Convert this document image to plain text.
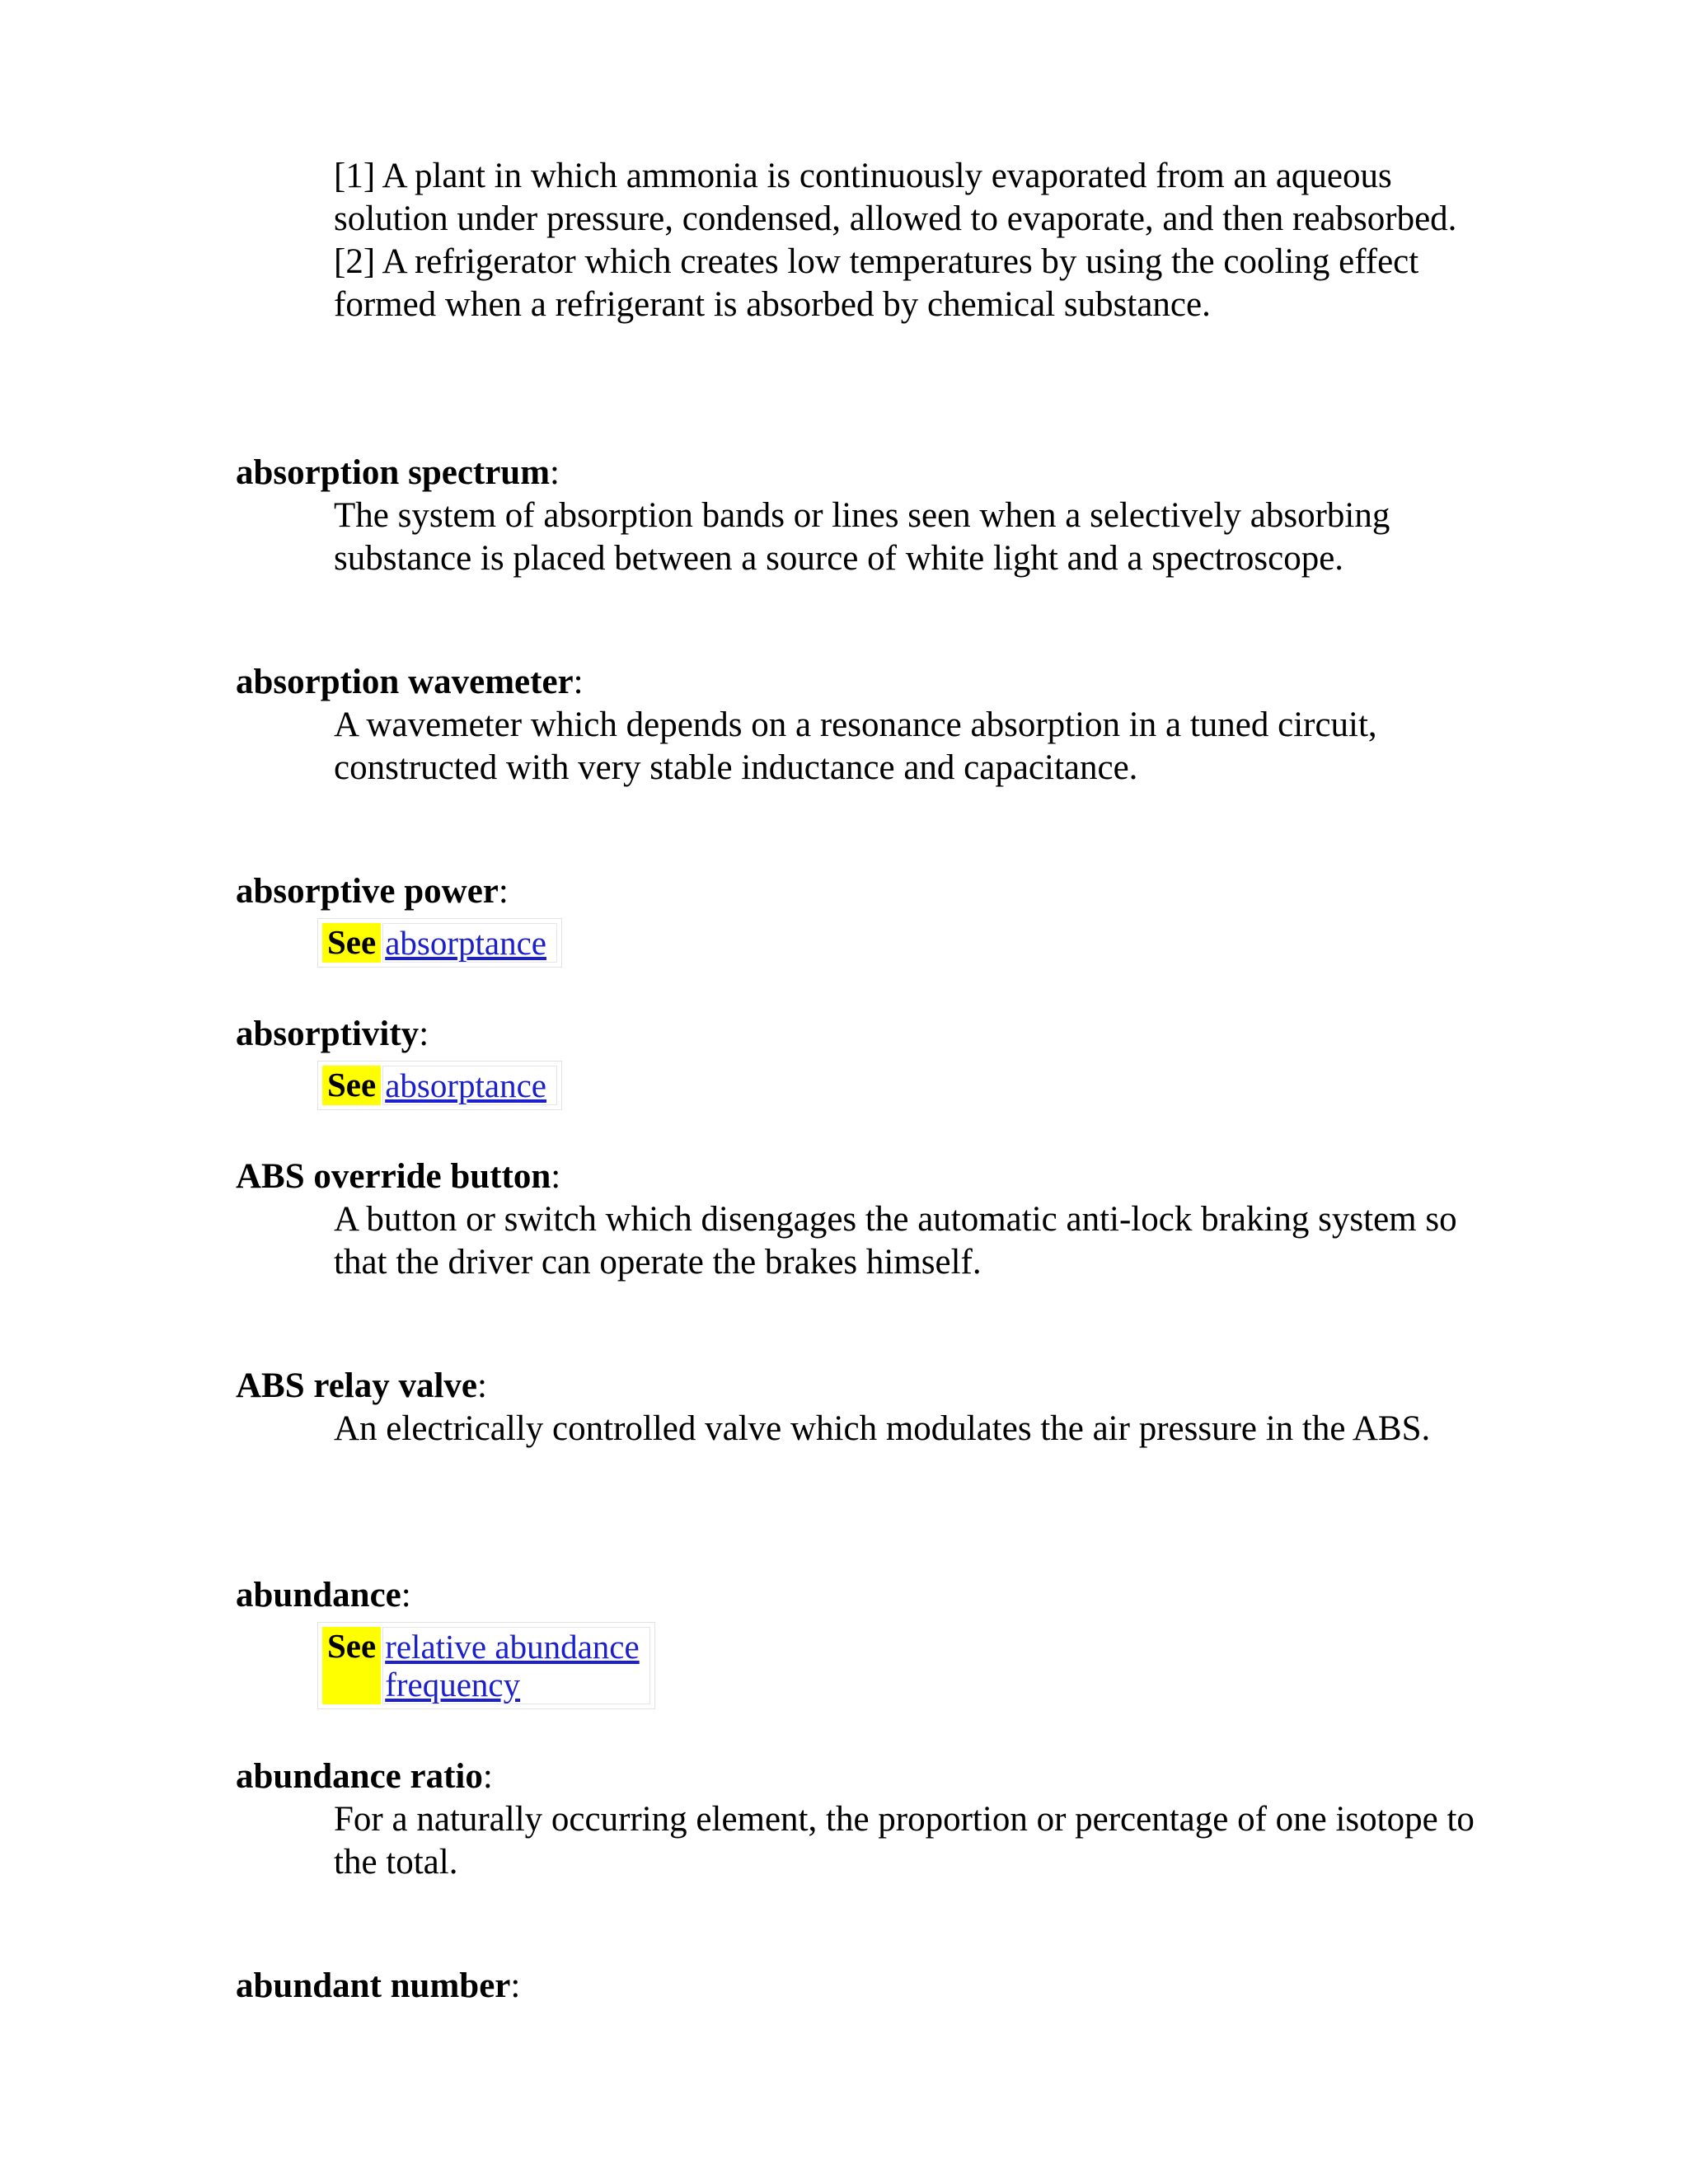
[1] A plant in which ammonia is continuously evaporated from an aqueous solution under pressure, condensed, allowed to evaporate, and then reabsorbed.
[2] A refrigerator which creates low temperatures by using the cooling effect formed when a refrigerant is absorbed by chemical substance.
absorption spectrum:
The system of absorption bands or lines seen when a selectively absorbing substance is placed between a source of white light and a spectroscope.
absorption wavemeter:
A wavemeter which depends on a resonance absorption in a tuned circuit, constructed with very stable inductance and capacitance.
absorptive power:
See	absorptance
absorptivity:
See	absorptance
ABS override button:
A button or switch which disengages the automatic anti-lock braking system so that the driver can operate the brakes himself.
ABS relay valve:
An electrically controlled valve which modulates the air pressure in the ABS.
abundance:
See	relative abundance
frequency
abundance ratio:
For a naturally occurring element, the proportion or percentage of one isotope to the total.
abundant number:
